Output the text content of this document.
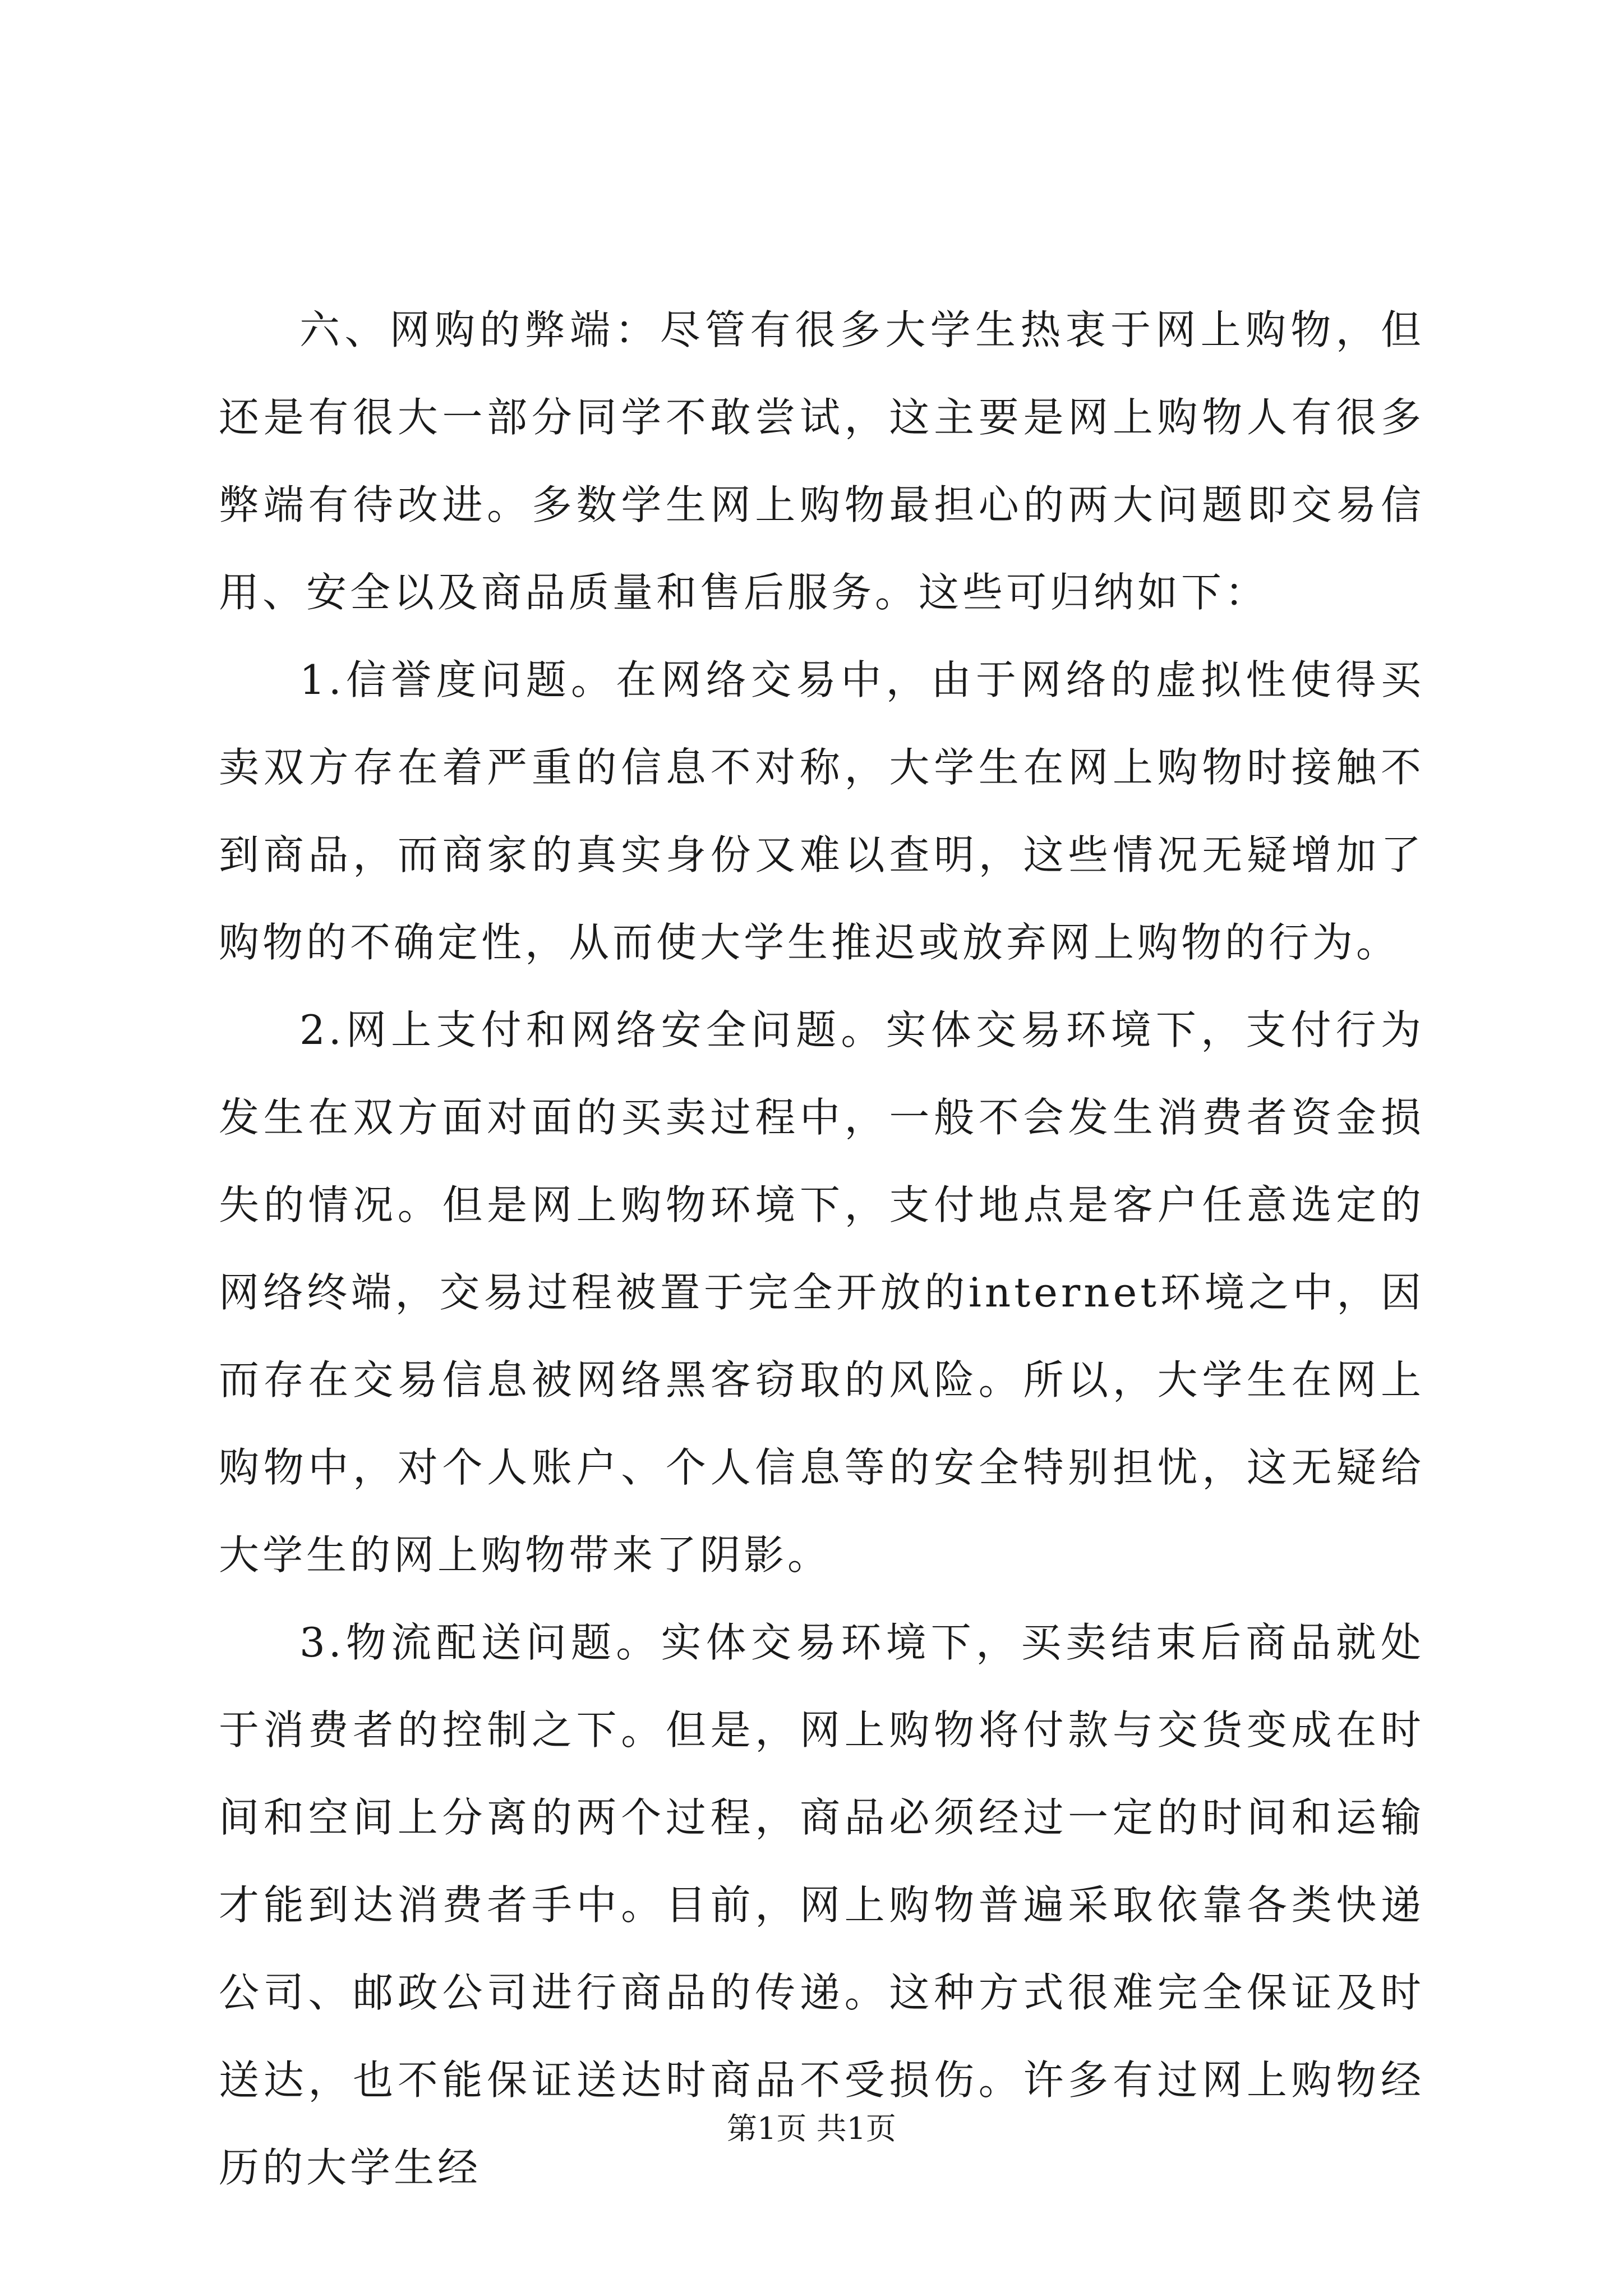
六、网购的弊端：尽管有很多大学生热衷于网上购物，但还是有很大一部分同学不敢尝试，这主要是网上购物人有很多弊端有待改进。多数学生网上购物最担心的两大问题即交易信用、安全以及商品质量和售后服务。这些可归纳如下：

1.信誉度问题。在网络交易中，由于网络的虚拟性使得买卖双方存在着严重的信息不对称，大学生在网上购物时接触不到商品，而商家的真实身份又难以查明，这些情况无疑增加了购物的不确定性，从而使大学生推迟或放弃网上购物的行为。

2.网上支付和网络安全问题。实体交易环境下，支付行为发生在双方面对面的买卖过程中，一般不会发生消费者资金损失的情况。但是网上购物环境下，支付地点是客户任意选定的网络终端，交易过程被置于完全开放的internet环境之中，因而存在交易信息被网络黑客窃取的风险。所以，大学生在网上购物中，对个人账户、个人信息等的安全特别担忧，这无疑给大学生的网上购物带来了阴影。

3.物流配送问题。实体交易环境下，买卖结束后商品就处于消费者的控制之下。但是，网上购物将付款与交货变成在时间和空间上分离的两个过程，商品必须经过一定的时间和运输才能到达消费者手中。目前，网上购物普遍采取依靠各类快递公司、邮政公司进行商品的传递。这种方式很难完全保证及时送达，也不能保证送达时商品不受损伤。许多有过网上购物经历的大学生经

第1页 共1页
